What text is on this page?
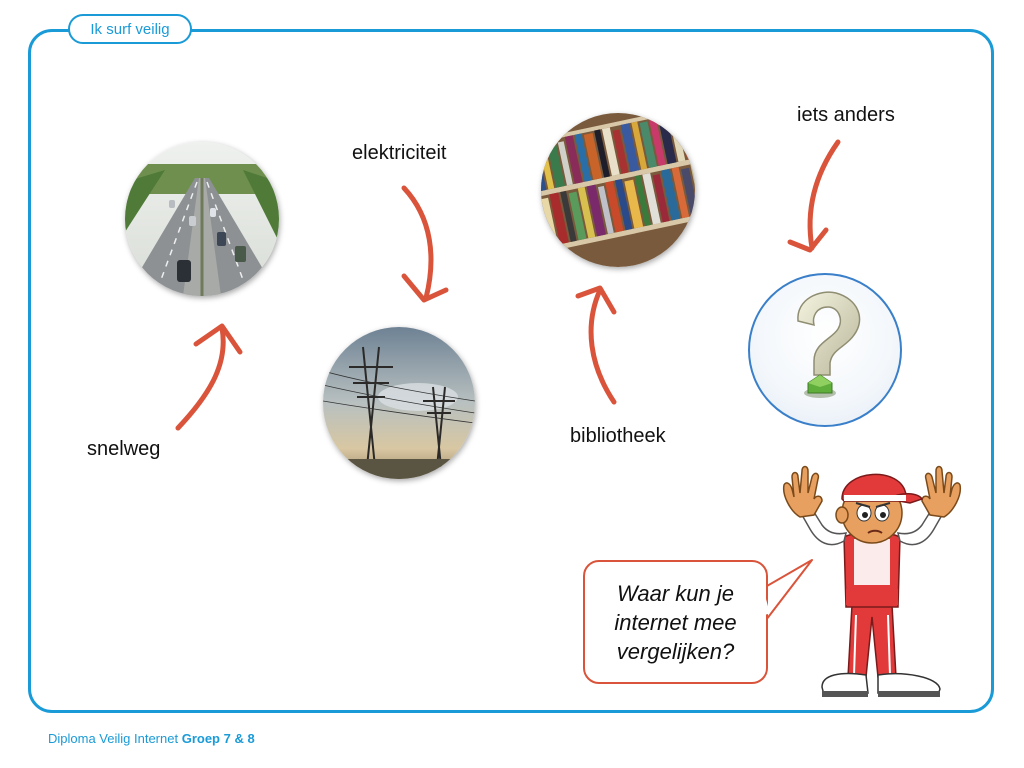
Ik surf veilig
snelweg
elektriciteit
bibliotheek
iets anders
Waar kun je
internet mee
vergelijken?
Diploma Veilig Internet Groep 7 & 8
